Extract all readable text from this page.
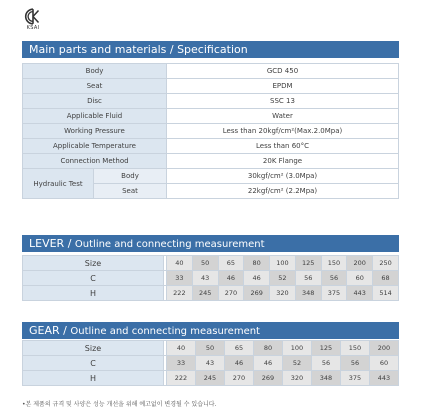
KSAI
Main parts and materials / Specification
Body		GCD 450
Seat		EPDM
Disc		SSC 13
Applicable Fluid		Water
Working Pressure		Less than 20kgf/cm²(Max.2.0Mpa)
Applicable Temperature		Less than 60°C
Connection Method		20K Flange
Hydraulic Test	Body	30kgf/cm² (3.0Mpa)
	Seat	22kgf/cm² (2.2Mpa)
LEVER / Outline and connecting measurement
Size		40	50	65	80	100	125	150	200	250
C		33	43	46	46	52	56	56	60	68
H		222	245	270	269	320	348	375	443	514
GEAR / Outline and connecting measurement
Size		40	50	65	80	100	125	150	200
C		33	43	46	46	52	56	56	60
H		222	245	270	269	320	348	375	443
•본 제품의 규격 및 사양은 성능 개선을 위해 예고없이 변경될 수 있습니다.
